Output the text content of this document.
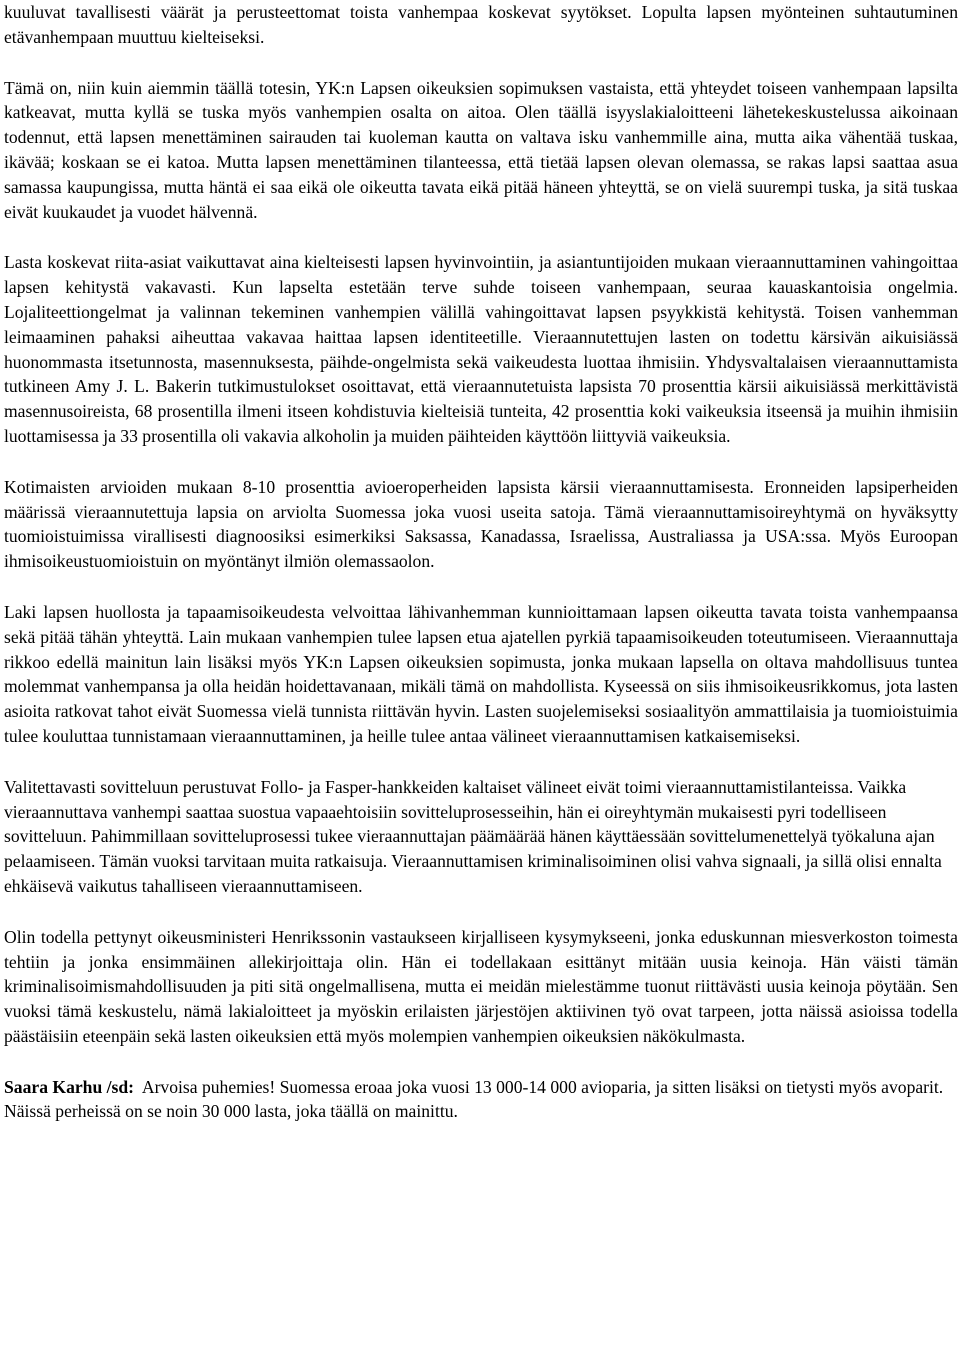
kuuluvat tavallisesti väärät ja perusteettomat toista vanhempaa koskevat syytökset. Lopulta lapsen myönteinen suhtautuminen etävanhempaan muuttuu kielteiseksi.

Tämä on, niin kuin aiemmin täällä totesin, YK:n Lapsen oikeuksien sopimuksen vastaista, että yhteydet toiseen vanhempaan lapsilta katkeavat, mutta kyllä se tuska myös vanhempien osalta on aitoa. Olen täällä isyyslakialoitteeni lähetekeskustelussa aikoinaan todennut, että lapsen menettäminen sairauden tai kuoleman kautta on valtava isku vanhemmille aina, mutta aika vähentää tuskaa, ikävää; koskaan se ei katoa. Mutta lapsen menettäminen tilanteessa, että tietää lapsen olevan olemassa, se rakas lapsi saattaa asua samassa kaupungissa, mutta häntä ei saa eikä ole oikeutta tavata eikä pitää häneen yhteyttä, se on vielä suurempi tuska, ja sitä tuskaa eivät kuukaudet ja vuodet hälvennä.

Lasta koskevat riita-asiat vaikuttavat aina kielteisesti lapsen hyvinvointiin, ja asiantuntijoiden mukaan vieraannuttaminen vahingoittaa lapsen kehitystä vakavasti. Kun lapselta estetään terve suhde toiseen vanhempaan, seuraa kauaskantoisia ongelmia. Lojaliteettiongelmat ja valinnan tekeminen vanhempien välillä vahingoittavat lapsen psyykkistä kehitystä. Toisen vanhemman leimaaminen pahaksi aiheuttaa vakavaa haittaa lapsen identiteetille. Vieraannutettujen lasten on todettu kärsivän aikuisiässä huonommasta itsetunnosta, masennuksesta, päihde-ongelmista sekä vaikeudesta luottaa ihmisiin. Yhdysvaltalaisen vieraannuttamista tutkineen Amy J. L. Bakerin tutkimustulokset osoittavat, että vieraannutetuista lapsista 70 prosenttia kärsii aikuisiässä merkittävistä masennusoireista, 68 prosentilla ilmeni itseen kohdistuvia kielteisiä tunteita, 42 prosenttia koki vaikeuksia itseensä ja muihin ihmisiin luottamisessa ja 33 prosentilla oli vakavia alkoholin ja muiden päihteiden käyttöön liittyviä vaikeuksia.

Kotimaisten arvioiden mukaan 8-10 prosenttia avioeroperheiden lapsista kärsii vieraannuttamisesta. Eronneiden lapsiperheiden määrissä vieraannutettuja lapsia on arviolta Suomessa joka vuosi useita satoja. Tämä vieraannuttamisoireyhtymä on hyväksytty tuomioistuimissa virallisesti diagnoosiksi esimerkiksi Saksassa, Kanadassa, Israelissa, Australiassa ja USA:ssa. Myös Euroopan ihmisoikeustuomioistuin on myöntänyt ilmiön olemassaolon.

Laki lapsen huollosta ja tapaamisoikeudesta velvoittaa lähivanhemman kunnioittamaan lapsen oikeutta tavata toista vanhempaansa sekä pitää tähän yhteyttä. Lain mukaan vanhempien tulee lapsen etua ajatellen pyrkiä tapaamisoikeuden toteutumiseen. Vieraannuttaja rikkoo edellä mainitun lain lisäksi myös YK:n Lapsen oikeuksien sopimusta, jonka mukaan lapsella on oltava mahdollisuus tuntea molemmat vanhempansa ja olla heidän hoidettavanaan, mikäli tämä on mahdollista. Kyseessä on siis ihmisoikeusrikkomus, jota lasten asioita ratkovat tahot eivät Suomessa vielä tunnista riittävän hyvin. Lasten suojelemiseksi sosiaalityön ammattilaisia ja tuomioistuimia tulee kouluttaa tunnistamaan vieraannuttaminen, ja heille tulee antaa välineet vieraannuttamisen katkaisemiseksi.

Valitettavasti sovitteluun perustuvat Follo- ja Fasper-hankkeiden kaltaiset välineet eivät toimi vieraannuttamistilanteissa. Vaikka vieraannuttava vanhempi saattaa suostua vapaaehtoisiin sovitteluprosesseihin, hän ei oireyhtymän mukaisesti pyri todelliseen sovitteluun. Pahimmillaan sovitteluprosessi tukee vieraannuttajan päämäärää hänen käyttäessään sovittelumenettelyä työkaluna ajan pelaamiseen. Tämän vuoksi tarvitaan muita ratkaisuja. Vieraannuttamisen kriminalisoiminen olisi vahva signaali, ja sillä olisi ennalta ehkäisevä vaikutus tahalliseen vieraannuttamiseen.

Olin todella pettynyt oikeusministeri Henrikssonin vastaukseen kirjalliseen kysymykseeni, jonka eduskunnan miesverkoston toimesta tehtiin ja jonka ensimmäinen allekirjoittaja olin. Hän ei todellakaan esittänyt mitään uusia keinoja. Hän väisti tämän kriminalisoimismahdollisuuden ja piti sitä ongelmallisena, mutta ei meidän mielestämme tuonut riittävästi uusia keinoja pöytään. Sen vuoksi tämä keskustelu, nämä lakialoitteet ja myöskin erilaisten järjestöjen aktiivinen työ ovat tarpeen, jotta näissä asioissa todella päästäisiin eteenpäin sekä lasten oikeuksien että myös molempien vanhempien oikeuksien näkökulmasta.

Saara Karhu /sd: Arvoisa puhemies! Suomessa eroaa joka vuosi 13 000-14 000 avioparia, ja sitten lisäksi on tietysti myös avoparit. Näissä perheissä on se noin 30 000 lasta, joka täällä on mainittu.
